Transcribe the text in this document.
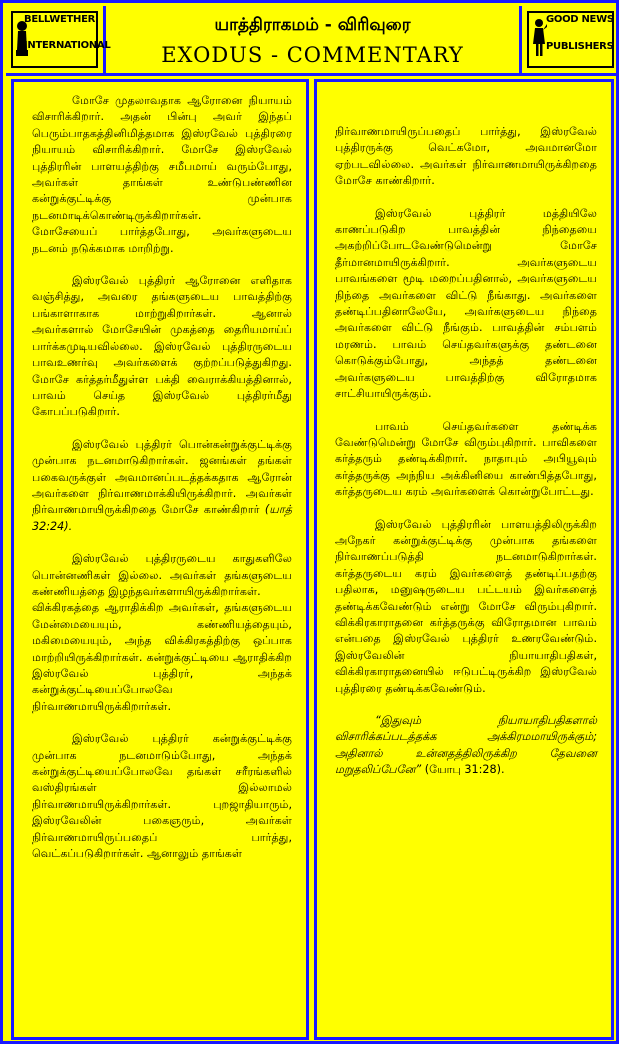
BELLWETHER
INTERNATIONAL
யாத்திராகமம் - விரிவுரை
EXODUS - COMMENTARY
GOOD NEWS
PUBLISHERS

மோசே முதலாவதாக ஆரோனை நியாயம் விசாரிக்கிறார். அதன் பின்பு அவர் இந்தப் பெரும்பாதகத்தினிமித்தமாக இஸ்ரவேல் புத்திரரை நியாயம் விசாரிக்கிறார். மோசே இஸ்ரவேல் புத்திரரின் பாளயத்திற்கு சமீபமாய் வரும்போது, அவர்கள் தாங்கள் உண்டுபண்ணின கன்றுக்குட்டிக்கு முன்பாக நடனமாடிக்கொண்டிருக்கிறார்கள்.

மோசேயைப் பார்த்தபோது, அவர்களுடைய நடனம் நடுக்கமாக மாறிற்று.

இஸ்ரவேல் புத்திரர் ஆரோனை எளிதாக வஞ்சித்து, அவரை தங்களுடைய பாவத்திற்கு பங்காளாகாக மாற்றுகிறார்கள். ஆனால் அவர்களால் மோசேயின் முகத்தை தைரியமாய்ப் பார்க்கமுடியவில்லை. இஸ்ரவேல் புத்திரருடைய பாவஉணர்வு அவர்களைக் குற்றப்படுத்துகிறது. மோசே கர்த்தர்மீதுள்ள பக்தி வைராக்கியத்தினால், பாவம் செய்த இஸ்ரவேல் புத்திரர்மீது கோபப்படுகிறார்.

இஸ்ரவேல் புத்திரர் பொன்கன்றுக்குட்டிக்கு முன்பாக நடனமாடுகிறார்கள். ஜனங்கள் தங்கள் பகைவருக்குள் அவமானப்படத்தக்கதாக ஆரோன் அவர்களை நிர்வாணமாக்கியிருக்கிறார். அவர்கள் நிர்வாணமாயிருக்கிறதை மோசே காண்கிறார் (யாத் 32:24).

இஸ்ரவேல் புத்திரருடைய காதுகளிலே பொன்னணிகள் இல்லை. அவர்கள் தங்களுடைய கண்ணியத்தை இழந்தவர்களாயிருக்கிறார்கள்.

விக்கிரகத்தை ஆராதிக்கிற அவர்கள், தங்களுடைய மேன்மையையும், கண்ணியத்தையும், மகிமையையும், அந்த விக்கிரகத்திற்கு ஒப்பாக மாற்றியிருக்கிறார்கள். கன்றுக்குட்டியை ஆராதிக்கிற இஸ்ரவேல் புத்திரர், அந்தக் கன்றுக்குட்டியைப்போலவே நிர்வாணமாயிருக்கிறார்கள்.

இஸ்ரவேல் புத்திரர் கன்றுக்குட்டிக்கு முன்பாக நடனமாடும்போது, அந்தக் கன்றுக்குட்டியைப்போலவே தங்கள் சரீரங்களில் வஸ்திரங்கள் இல்லாமல் நிர்வாணமாயிருக்கிறார்கள். புறஜாதியாரும், இஸ்ரவேலின் பகைஞரும், அவர்கள் நிர்வாணமாயிருப்பதைப் பார்த்து, வெட்கப்படுகிறார்கள். ஆனாலும் தாங்கள்

நிர்வாணமாயிருப்பதைப் பார்த்து, இஸ்ரவேல் புத்திரருக்கு வெட்கமோ, அவமானமோ ஏற்படவில்லை. அவர்கள் நிர்வாணமாயிருக்கிறதை மோசே காண்கிறார்.

இஸ்ரவேல் புத்திரர் மத்தியிலே காணப்படுகிற பாவத்தின் நிந்தையை அகற்றிப்போடவேண்டுமென்று மோசே தீர்மானமாயிருக்கிறார். அவர்களுடைய பாவங்களை மூடி மறைப்பதினால், அவர்களுடைய நிந்தை அவர்களை விட்டு நீங்காது. அவர்களை தண்டிப்பதினாலேயே, அவர்களுடைய நிந்தை அவர்களை விட்டு நீங்கும். பாவத்தின் சம்பளம் மரணம். பாவம் செய்தவர்களுக்கு தண்டனை கொடுக்கும்போது, அந்தத் தண்டனை அவர்களுடைய பாவத்திற்கு விரோதமாக சாட்சியாயிருக்கும்.

பாவம் செய்தவர்களை தண்டிக்க வேண்டுமென்று மோசே விரும்புகிறார். பாவிகளை கர்த்தரும் தண்டிக்கிறார். நாதாபும் அபியூவும் கர்த்தருக்கு அந்நிய அக்கினியை காண்பித்தபோது, கர்த்தருடைய கரம் அவர்களைக் கொன்றுபோட்டது.

இஸ்ரவேல் புத்திரரின் பாளயத்திலிருக்கிற அநேகர் கன்றுக்குட்டிக்கு முன்பாக தங்களை நிர்வாணப்படுத்தி நடனமாடுகிறார்கள். கர்த்தருடைய கரம் இவர்களைத் தண்டிப்பதற்கு பதிலாக, மனுஷருடைய பட்டயம் இவர்களைத் தண்டிக்கவேண்டும் என்று மோசே விரும்புகிறார். விக்கிரகாராதனை கர்த்தருக்கு விரோதமான பாவம் என்பதை இஸ்ரவேல் புத்திரர் உணரவேண்டும். இஸ்ரவேலின் நியாயாதிபதிகள், விக்கிரகாராதனையில் ஈடுபட்டிருக்கிற இஸ்ரவேல் புத்திரரை தண்டிக்கவேண்டும்.

“இதுவும் நியாயாதிபதிகளால் விசாரிக்கப்படத்தக்க அக்கிரமமாயிருக்கும்; அதினால் உன்னதத்திலிருக்கிற தேவனை மறுதலிப்பேனே” (யோபு 31:28).
